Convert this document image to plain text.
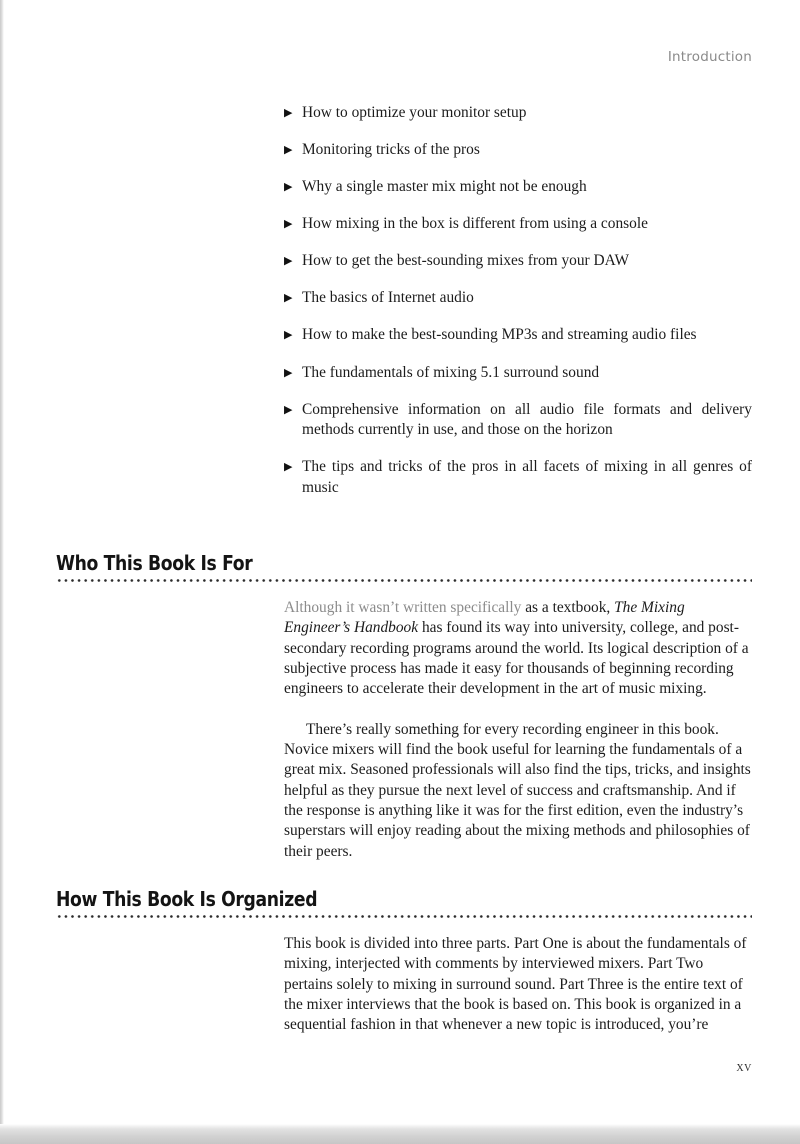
Introduction
▶ How to optimize your monitor setup
▶ Monitoring tricks of the pros
▶ Why a single master mix might not be enough
▶ How mixing in the box is different from using a console
▶ How to get the best-sounding mixes from your DAW
▶ The basics of Internet audio
▶ How to make the best-sounding MP3s and streaming audio files
▶ The fundamentals of mixing 5.1 surround sound
▶ Comprehensive information on all audio file formats and delivery methods currently in use, and those on the horizon
▶ The tips and tricks of the pros in all facets of mixing in all genres of music
Who This Book Is For

Although it wasn’t written specifically as a textbook, The Mixing Engineer’s Handbook has found its way into university, college, and post-secondary recording programs around the world. Its logical description of a subjective process has made it easy for thousands of beginning recording engineers to accelerate their development in the art of music mixing.

There’s really something for every recording engineer in this book. Novice mixers will find the book useful for learning the fundamentals of a great mix. Seasoned professionals will also find the tips, tricks, and insights helpful as they pursue the next level of success and craftsmanship. And if the response is anything like it was for the first edition, even the industry’s superstars will enjoy reading about the mixing methods and philosophies of their peers.

How This Book Is Organized

This book is divided into three parts. Part One is about the fundamentals of mixing, interjected with comments by interviewed mixers. Part Two pertains solely to mixing in surround sound. Part Three is the entire text of the mixer interviews that the book is based on. This book is organized in a sequential fashion in that whenever a new topic is introduced, you’re

xv
